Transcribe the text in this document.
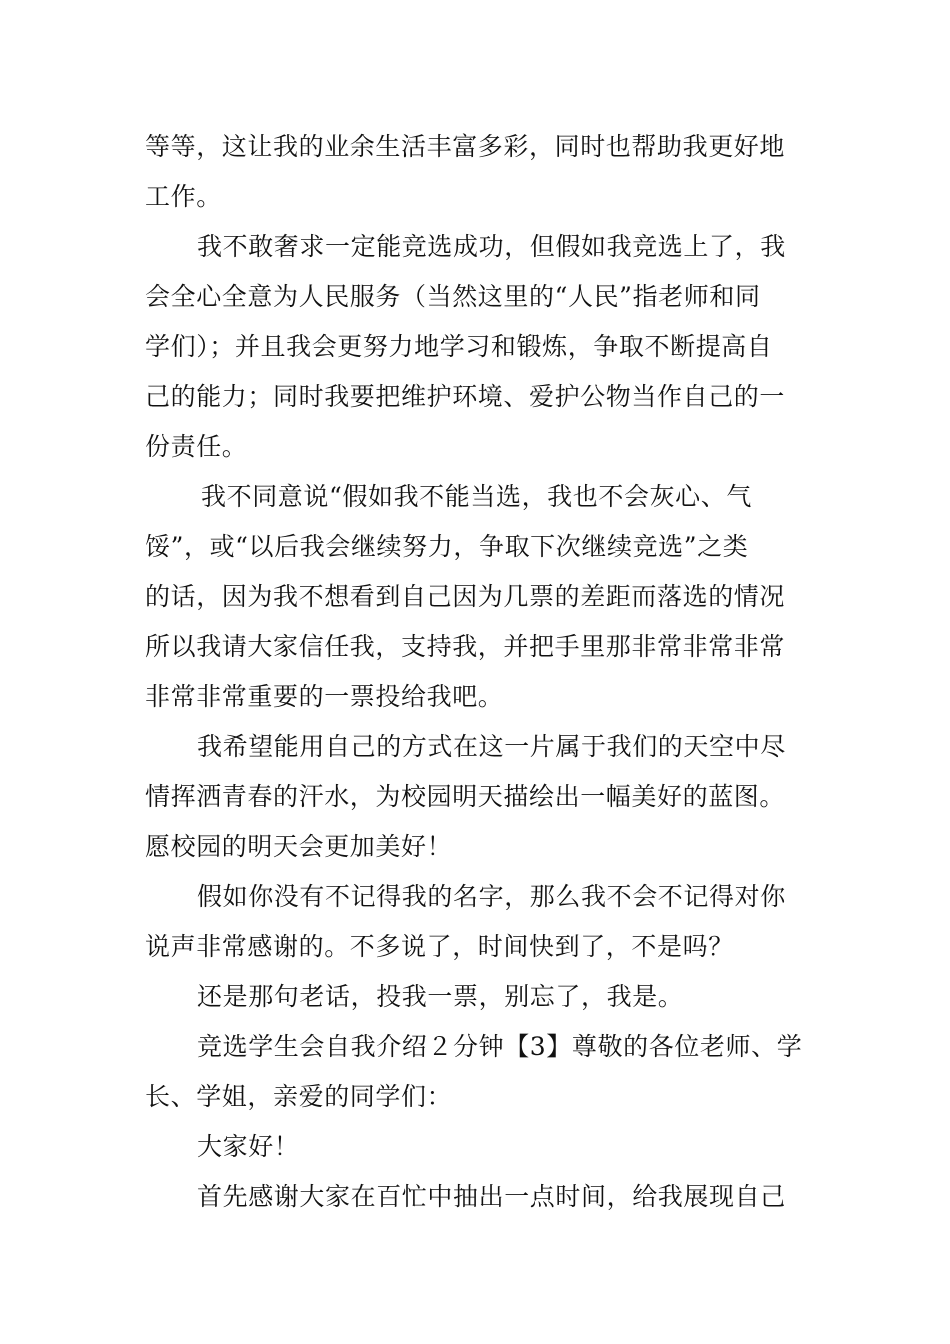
等等，这让我的业余生活丰富多彩，同时也帮助我更好地
工作。
我不敢奢求一定能竞选成功，但假如我竞选上了，我
会全心全意为人民服务（当然这里的“人民”指老师和同
学们）；并且我会更努力地学习和锻炼，争取不断提高自
己的能力；同时我要把维护环境、爱护公物当作自己的一
份责任。
我不同意说“假如我不能当选，我也不会灰心、气
馁”，或“以后我会继续努力，争取下次继续竞选”之类
的话，因为我不想看到自己因为几票的差距而落选的情况
所以我请大家信任我，支持我，并把手里那非常非常非常
非常非常重要的一票投给我吧。
我希望能用自己的方式在这一片属于我们的天空中尽
情挥洒青春的汗水，为校园明天描绘出一幅美好的蓝图。
愿校园的明天会更加美好！
假如你没有不记得我的名字，那么我不会不记得对你
说声非常感谢的。不多说了，时间快到了，不是吗？
还是那句老话，投我一票，别忘了，我是。
竞选学生会自我介绍２分钟【3】尊敬的各位老师、学
长、学姐，亲爱的同学们：
大家好！
首先感谢大家在百忙中抽出一点时间，给我展现自己
